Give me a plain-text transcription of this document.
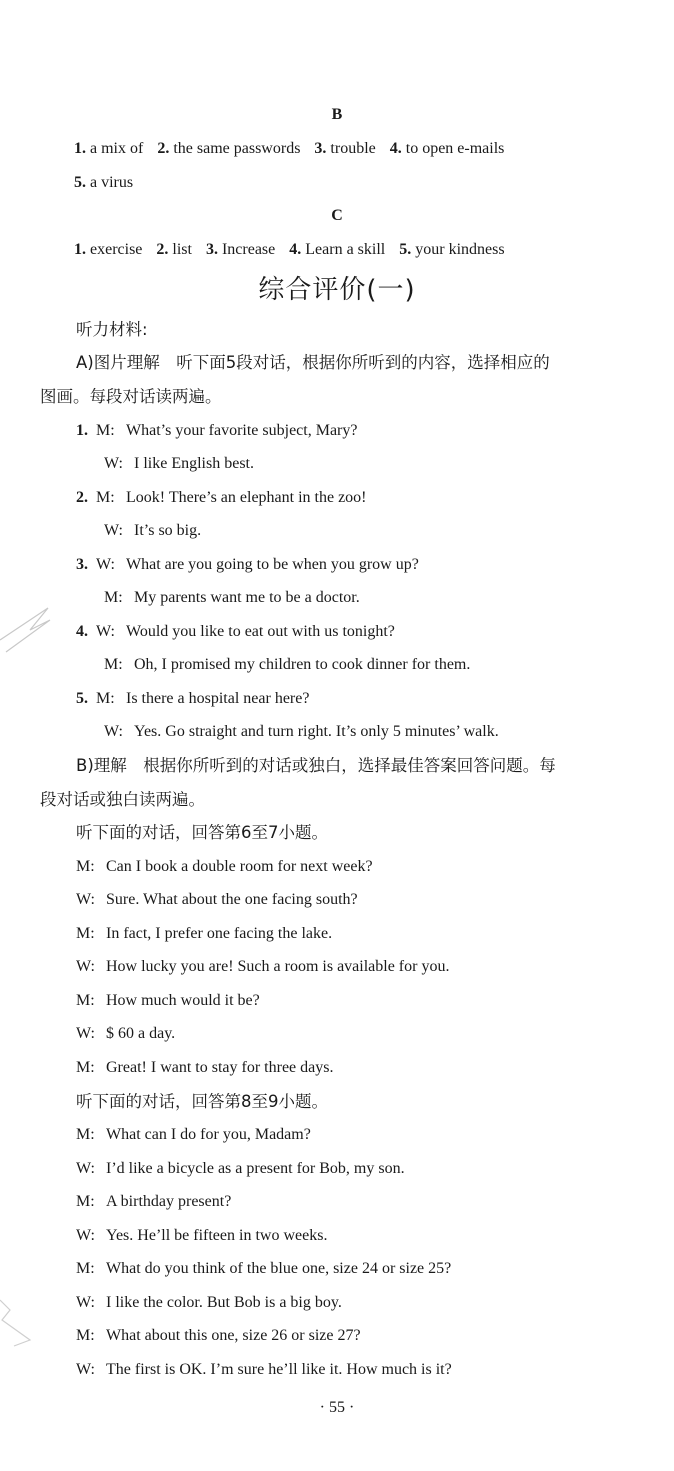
B
1. a mix of 2. the same passwords 3. trouble 4. to open e-mails
5. a virus
C
1. exercise 2. list 3. Increase 4. Learn a skill 5. your kindness
综合评价(一)
听力材料:
A)图片理解　听下面5段对话，根据你所听到的内容，选择相应的
图画。每段对话读两遍。
1. M: What’s your favorite subject, Mary?
W: I like English best.
2. M: Look! There’s an elephant in the zoo!
W: It’s so big.
3. W: What are you going to be when you grow up?
M: My parents want me to be a doctor.
4. W: Would you like to eat out with us tonight?
M: Oh, I promised my children to cook dinner for them.
5. M: Is there a hospital near here?
W: Yes. Go straight and turn right. It’s only 5 minutes’ walk.
B)理解　根据你所听到的对话或独白，选择最佳答案回答问题。每
段对话或独白读两遍。
听下面的对话，回答第6至7小题。
M: Can I book a double room for next week?
W: Sure. What about the one facing south?
M: In fact, I prefer one facing the lake.
W: How lucky you are! Such a room is available for you.
M: How much would it be?
W: $ 60 a day.
M: Great! I want to stay for three days.
听下面的对话，回答第8至9小题。
M: What can I do for you, Madam?
W: I’d like a bicycle as a present for Bob, my son.
M: A birthday present?
W: Yes. He’ll be fifteen in two weeks.
M: What do you think of the blue one, size 24 or size 25?
W: I like the color. But Bob is a big boy.
M: What about this one, size 26 or size 27?
W: The first is OK. I’m sure he’ll like it. How much is it?
· 55 ·
